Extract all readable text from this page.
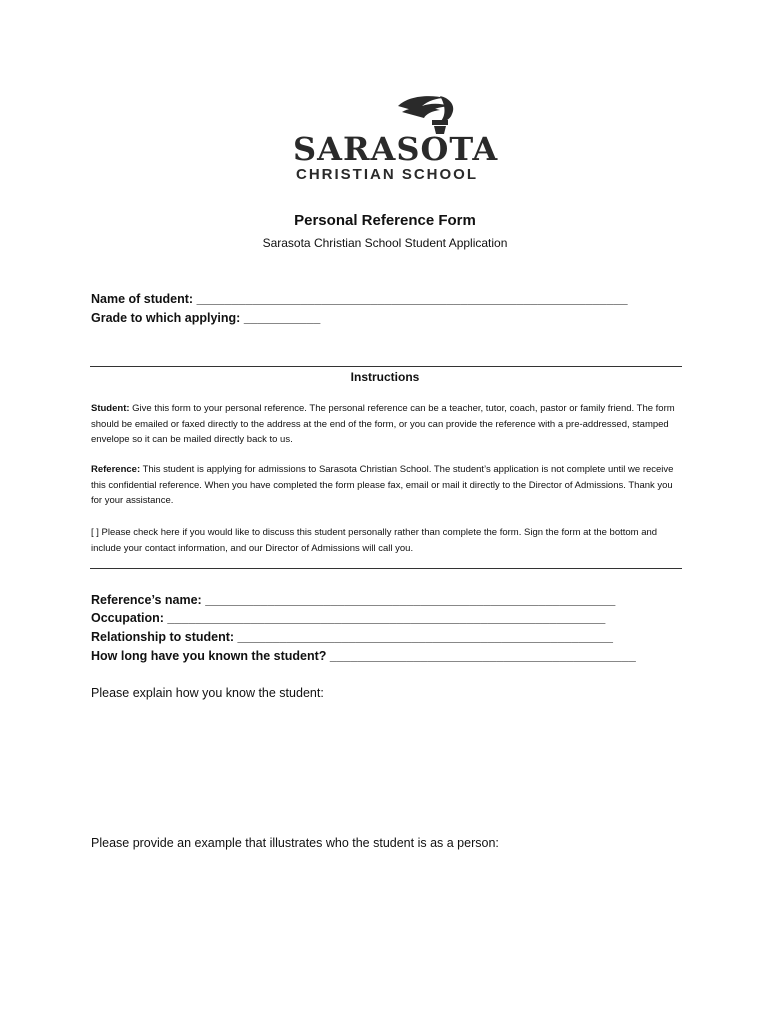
SARASOTA
CHRISTIAN SCHOOL
Personal Reference Form
Sarasota Christian School Student Application
Name of student: ______________________________________________________________
Grade to which applying: ___________
Instructions
Student: Give this form to your personal reference. The personal reference can be a teacher, tutor, coach, pastor or family friend. The form should be emailed or faxed directly to the address at the end of the form, or you can provide the reference with a pre-addressed, stamped envelope so it can be mailed directly back to us.
Reference: This student is applying for admissions to Sarasota Christian School. The student’s application is not complete until we receive this confidential reference. When you have completed the form please fax, email or mail it directly to the Director of Admissions. Thank you for your assistance.
[ ] Please check here if you would like to discuss this student personally rather than complete the form. Sign the form at the bottom and include your contact information, and our Director of Admissions will call you.
Reference’s name: ___________________________________________________________
Occupation: _______________________________________________________________
Relationship to student: ______________________________________________________
How long have you known the student? ____________________________________________
Please explain how you know the student:
Please provide an example that illustrates who the student is as a person:
